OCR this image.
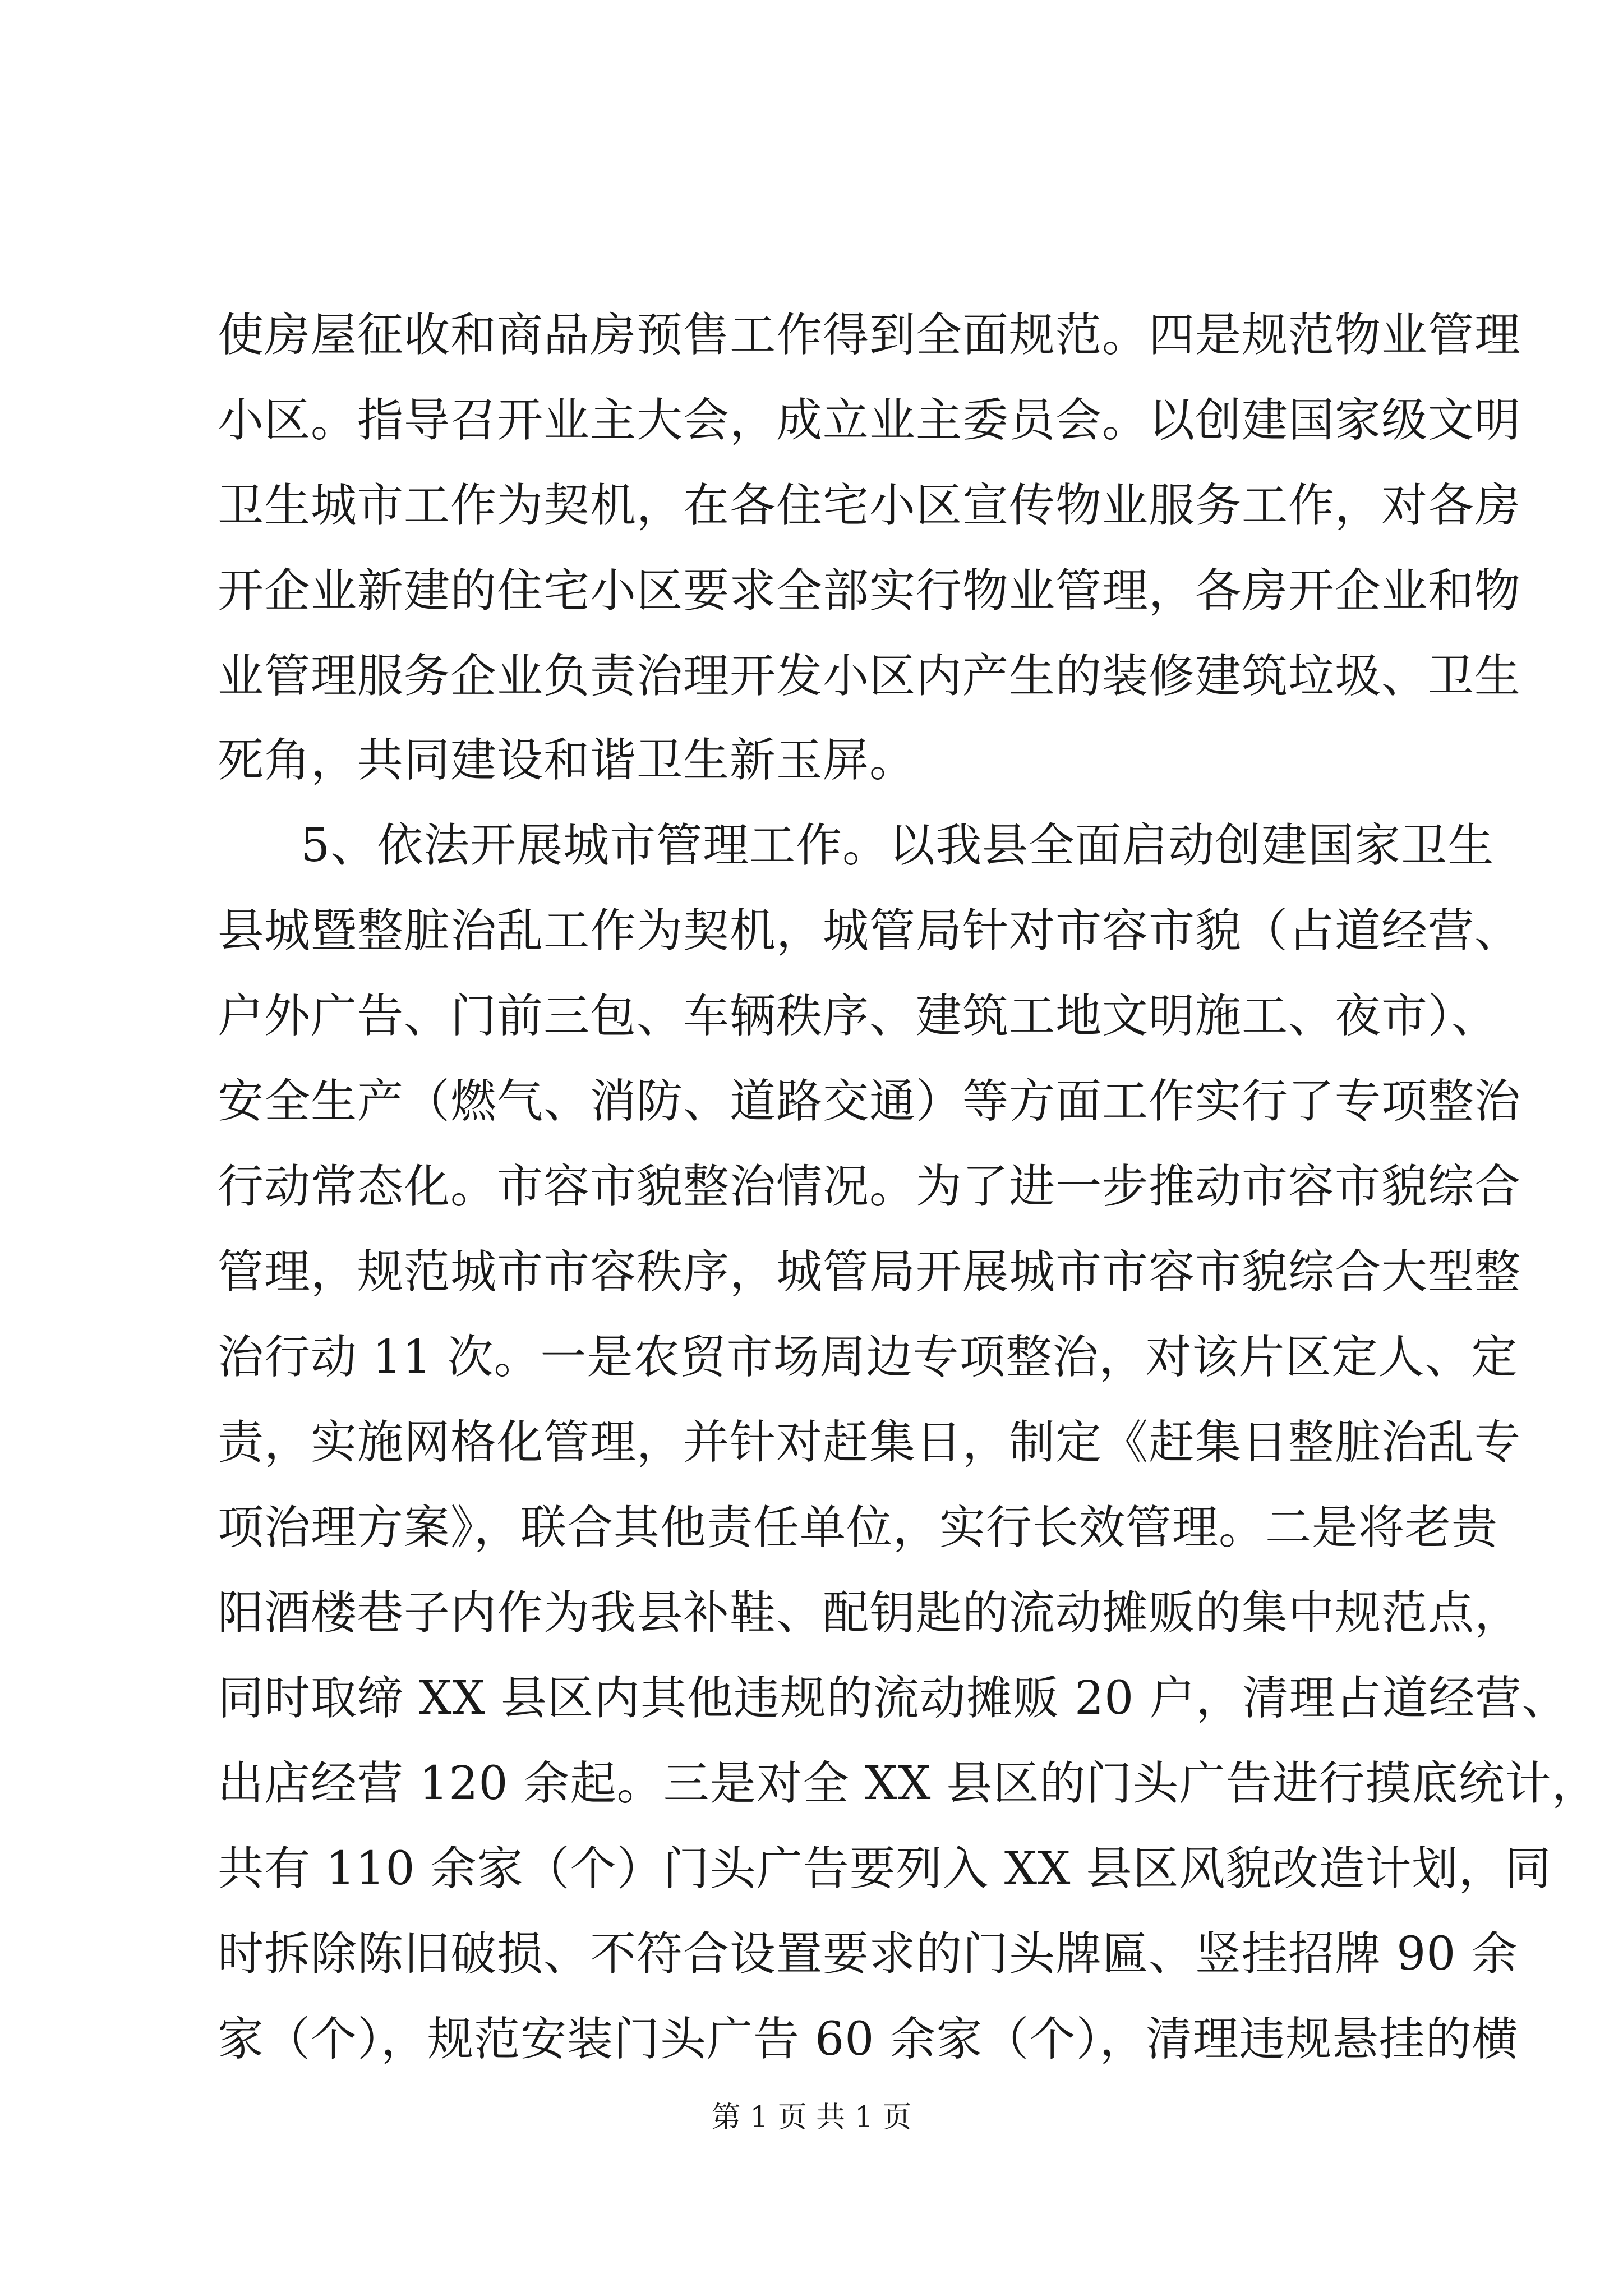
使房屋征收和商品房预售工作得到全面规范。四是规范物业管理
小区。指导召开业主大会，成立业主委员会。以创建国家级文明
卫生城市工作为契机，在各住宅小区宣传物业服务工作，对各房
开企业新建的住宅小区要求全部实行物业管理，各房开企业和物
业管理服务企业负责治理开发小区内产生的装修建筑垃圾、卫生
死角，共同建设和谐卫生新玉屏。
5、依法开展城市管理工作。以我县全面启动创建国家卫生
县城暨整脏治乱工作为契机，城管局针对市容市貌（占道经营、
户外广告、门前三包、车辆秩序、建筑工地文明施工、夜市）、
安全生产（燃气、消防、道路交通）等方面工作实行了专项整治
行动常态化。市容市貌整治情况。为了进一步推动市容市貌综合
管理，规范城市市容秩序，城管局开展城市市容市貌综合大型整
治行动 11 次。一是农贸市场周边专项整治，对该片区定人、定
责，实施网格化管理，并针对赶集日，制定《赶集日整脏治乱专
项治理方案》，联合其他责任单位，实行长效管理。二是将老贵
阳酒楼巷子内作为我县补鞋、配钥匙的流动摊贩的集中规范点，
同时取缔 XX 县区内其他违规的流动摊贩 20 户，清理占道经营、
出店经营 120 余起。三是对全 XX 县区的门头广告进行摸底统计，
共有 110 余家（个）门头广告要列入 XX 县区风貌改造计划，同
时拆除陈旧破损、不符合设置要求的门头牌匾、竖挂招牌 90 余
家（个），规范安装门头广告 60 余家（个），清理违规悬挂的横
第 1 页 共 1 页
